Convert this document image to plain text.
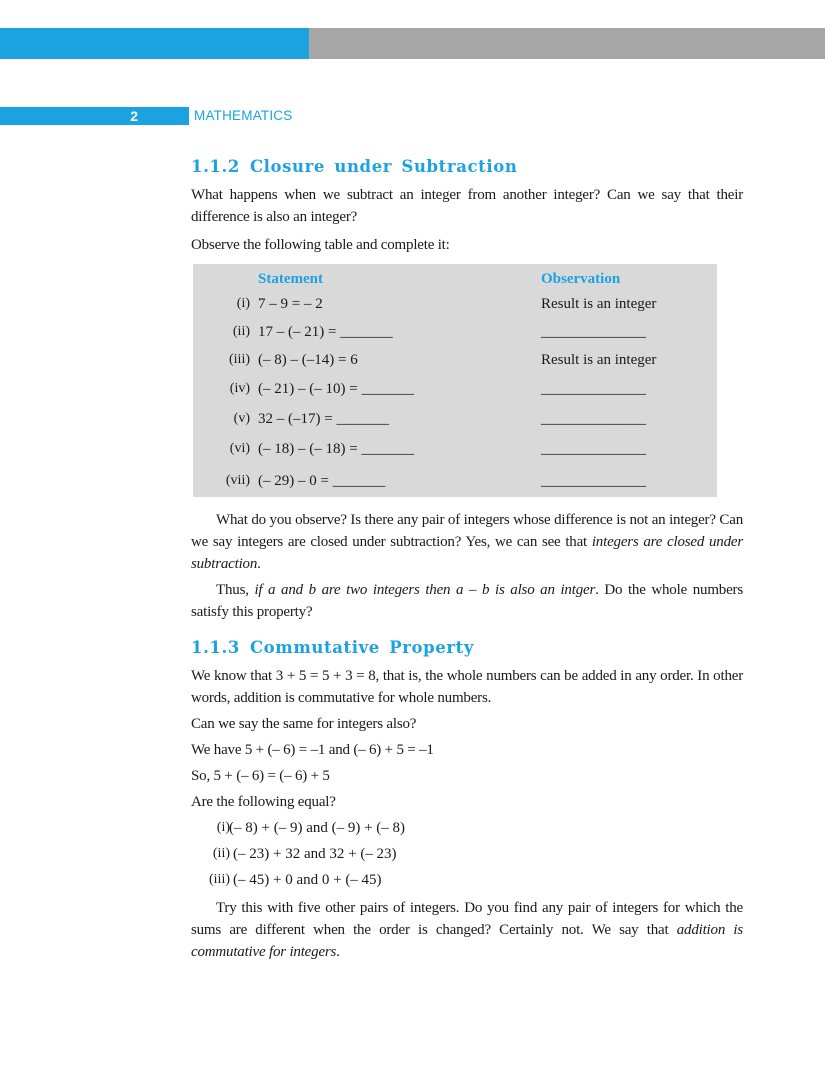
2	MATHEMATICS
1.1.2 Closure under Subtraction

What happens when we subtract an integer from another integer? Can we say that their difference is also an integer?

Observe the following table and complete it:

Statement	Observation
(i) 7 – 9 = – 2	Result is an integer
(ii) 17 – (– 21) = _______	______________
(iii) (– 8) – (–14) = 6	Result is an integer
(iv) (– 21) – (– 10) = _______	______________
(v) 32 – (–17) = _______	______________
(vi) (– 18) – (– 18) = _______	______________
(vii) (– 29) – 0 = _______	______________

What do you observe? Is there any pair of integers whose difference is not an integer? Can we say integers are closed under subtraction? Yes, we can see that integers are closed under subtraction.

Thus, if a and b are two integers then a – b is also an intger. Do the whole numbers satisfy this property?

1.1.3 Commutative Property

We know that 3 + 5 = 5 + 3 = 8, that is, the whole numbers can be added in any order. In other words, addition is commutative for whole numbers.

Can we say the same for integers also?

We have 5 + (– 6) = –1 and (– 6) + 5 = –1

So, 5 + (– 6) = (– 6) + 5

Are the following equal?

(i) (– 8) + (– 9) and (– 9) + (– 8)
(ii) (– 23) + 32 and 32 + (– 23)
(iii) (– 45) + 0 and 0 + (– 45)

Try this with five other pairs of integers. Do you find any pair of integers for which the sums are different when the order is changed? Certainly not. We say that addition is commutative for integers.
